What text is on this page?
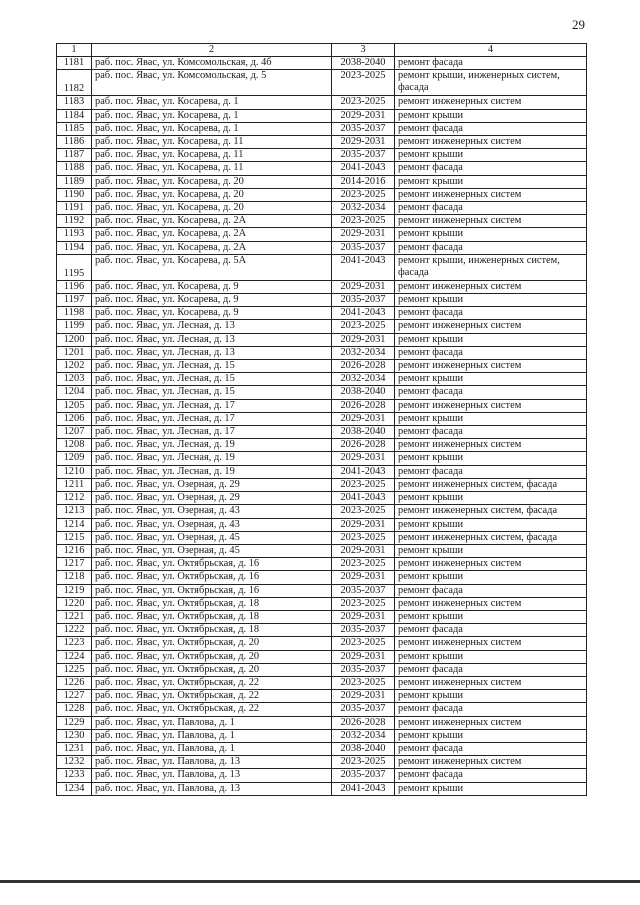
29
1	2	3	4
1181	раб. пос. Явас, ул. Комсомольская, д. 4б	2038-2040	ремонт фасада
1182	раб. пос. Явас, ул. Комсомольская, д. 5	2023-2025	ремонт крыши, инженерных систем, фасада
1183	раб. пос. Явас, ул. Косарева, д. 1	2023-2025	ремонт инженерных систем
1184	раб. пос. Явас, ул. Косарева, д. 1	2029-2031	ремонт крыши
1185	раб. пос. Явас, ул. Косарева, д. 1	2035-2037	ремонт фасада
1186	раб. пос. Явас, ул. Косарева, д. 11	2029-2031	ремонт инженерных систем
1187	раб. пос. Явас, ул. Косарева, д. 11	2035-2037	ремонт крыши
1188	раб. пос. Явас, ул. Косарева, д. 11	2041-2043	ремонт фасада
1189	раб. пос. Явас, ул. Косарева, д. 20	2014-2016	ремонт крыши
1190	раб. пос. Явас, ул. Косарева, д. 20	2023-2025	ремонт инженерных систем
1191	раб. пос. Явас, ул. Косарева, д. 20	2032-2034	ремонт фасада
1192	раб. пос. Явас, ул. Косарева, д. 2А	2023-2025	ремонт инженерных систем
1193	раб. пос. Явас, ул. Косарева, д. 2А	2029-2031	ремонт крыши
1194	раб. пос. Явас, ул. Косарева, д. 2А	2035-2037	ремонт фасада
1195	раб. пос. Явас, ул. Косарева, д. 5А	2041-2043	ремонт крыши, инженерных систем, фасада
1196	раб. пос. Явас, ул. Косарева, д. 9	2029-2031	ремонт инженерных систем
1197	раб. пос. Явас, ул. Косарева, д. 9	2035-2037	ремонт крыши
1198	раб. пос. Явас, ул. Косарева, д. 9	2041-2043	ремонт фасада
1199	раб. пос. Явас, ул. Лесная, д. 13	2023-2025	ремонт инженерных систем
1200	раб. пос. Явас, ул. Лесная, д. 13	2029-2031	ремонт крыши
1201	раб. пос. Явас, ул. Лесная, д. 13	2032-2034	ремонт фасада
1202	раб. пос. Явас, ул. Лесная, д. 15	2026-2028	ремонт инженерных систем
1203	раб. пос. Явас, ул. Лесная, д. 15	2032-2034	ремонт крыши
1204	раб. пос. Явас, ул. Лесная, д. 15	2038-2040	ремонт фасада
1205	раб. пос. Явас, ул. Лесная, д. 17	2026-2028	ремонт инженерных систем
1206	раб. пос. Явас, ул. Лесная, д. 17	2029-2031	ремонт крыши
1207	раб. пос. Явас, ул. Лесная, д. 17	2038-2040	ремонт фасада
1208	раб. пос. Явас, ул. Лесная, д. 19	2026-2028	ремонт инженерных систем
1209	раб. пос. Явас, ул. Лесная, д. 19	2029-2031	ремонт крыши
1210	раб. пос. Явас, ул. Лесная, д. 19	2041-2043	ремонт фасада
1211	раб. пос. Явас, ул. Озерная, д. 29	2023-2025	ремонт инженерных систем, фасада
1212	раб. пос. Явас, ул. Озерная, д. 29	2041-2043	ремонт крыши
1213	раб. пос. Явас, ул. Озерная, д. 43	2023-2025	ремонт инженерных систем, фасада
1214	раб. пос. Явас, ул. Озерная, д. 43	2029-2031	ремонт крыши
1215	раб. пос. Явас, ул. Озерная, д. 45	2023-2025	ремонт инженерных систем, фасада
1216	раб. пос. Явас, ул. Озерная, д. 45	2029-2031	ремонт крыши
1217	раб. пос. Явас, ул. Октябрьская, д. 16	2023-2025	ремонт инженерных систем
1218	раб. пос. Явас, ул. Октябрьская, д. 16	2029-2031	ремонт крыши
1219	раб. пос. Явас, ул. Октябрьская, д. 16	2035-2037	ремонт фасада
1220	раб. пос. Явас, ул. Октябрьская, д. 18	2023-2025	ремонт инженерных систем
1221	раб. пос. Явас, ул. Октябрьская, д. 18	2029-2031	ремонт крыши
1222	раб. пос. Явас, ул. Октябрьская, д. 18	2035-2037	ремонт фасада
1223	раб. пос. Явас, ул. Октябрьская, д. 20	2023-2025	ремонт инженерных систем
1224	раб. пос. Явас, ул. Октябрьская, д. 20	2029-2031	ремонт крыши
1225	раб. пос. Явас, ул. Октябрьская, д. 20	2035-2037	ремонт фасада
1226	раб. пос. Явас, ул. Октябрьская, д. 22	2023-2025	ремонт инженерных систем
1227	раб. пос. Явас, ул. Октябрьская, д. 22	2029-2031	ремонт крыши
1228	раб. пос. Явас, ул. Октябрьская, д. 22	2035-2037	ремонт фасада
1229	раб. пос. Явас, ул. Павлова, д. 1	2026-2028	ремонт инженерных систем
1230	раб. пос. Явас, ул. Павлова, д. 1	2032-2034	ремонт крыши
1231	раб. пос. Явас, ул. Павлова, д. 1	2038-2040	ремонт фасада
1232	раб. пос. Явас, ул. Павлова, д. 13	2023-2025	ремонт инженерных систем
1233	раб. пос. Явас, ул. Павлова, д. 13	2035-2037	ремонт фасада
1234	раб. пос. Явас, ул. Павлова, д. 13	2041-2043	ремонт крыши
